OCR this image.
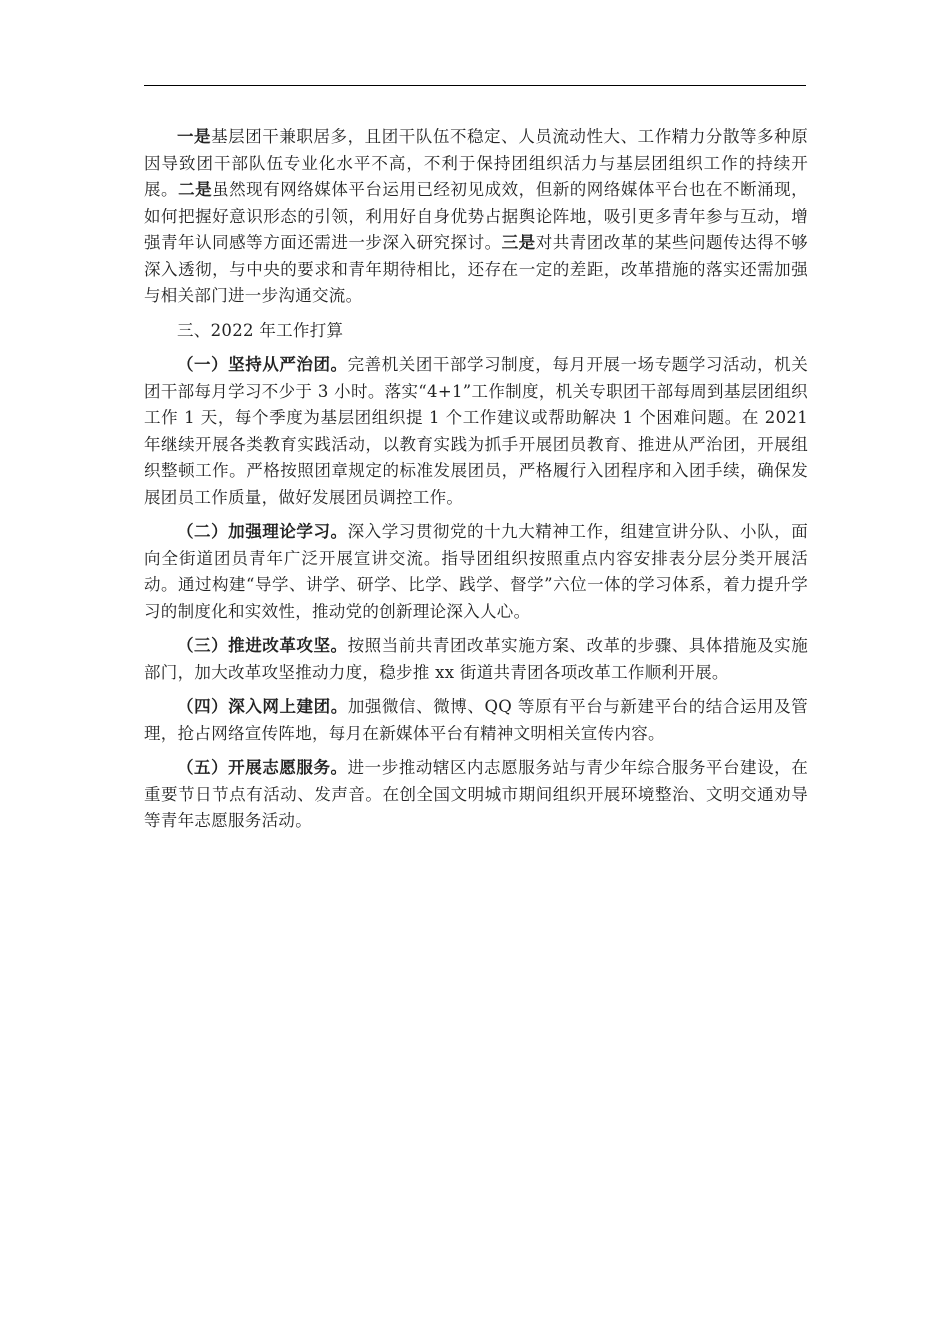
一是基层团干兼职居多，且团干队伍不稳定、人员流动性大、工作精力分散等多种原因导致团干部队伍专业化水平不高，不利于保持团组织活力与基层团组织工作的持续开展。二是虽然现有网络媒体平台运用已经初见成效，但新的网络媒体平台也在不断涌现，如何把握好意识形态的引领，利用好自身优势占据舆论阵地，吸引更多青年参与互动，增强青年认同感等方面还需进一步深入研究探讨。三是对共青团改革的某些问题传达得不够深入透彻，与中央的要求和青年期待相比，还存在一定的差距，改革措施的落实还需加强与相关部门进一步沟通交流。

三、2022 年工作打算

（一）坚持从严治团。完善机关团干部学习制度，每月开展一场专题学习活动，机关团干部每月学习不少于 3 小时。落实“4+1”工作制度，机关专职团干部每周到基层团组织工作 1 天，每个季度为基层团组织提 1 个工作建议或帮助解决 1 个困难问题。在 2021 年继续开展各类教育实践活动，以教育实践为抓手开展团员教育、推进从严治团，开展组织整顿工作。严格按照团章规定的标准发展团员，严格履行入团程序和入团手续，确保发展团员工作质量，做好发展团员调控工作。

（二）加强理论学习。深入学习贯彻党的十九大精神工作，组建宣讲分队、小队，面向全街道团员青年广泛开展宣讲交流。指导团组织按照重点内容安排表分层分类开展活动。通过构建“导学、讲学、研学、比学、践学、督学”六位一体的学习体系，着力提升学习的制度化和实效性，推动党的创新理论深入人心。

（三）推进改革攻坚。按照当前共青团改革实施方案、改革的步骤、具体措施及实施部门，加大改革攻坚推动力度，稳步推 xx 街道共青团各项改革工作顺利开展。

（四）深入网上建团。加强微信、微博、QQ 等原有平台与新建平台的结合运用及管理，抢占网络宣传阵地，每月在新媒体平台有精神文明相关宣传内容。

（五）开展志愿服务。进一步推动辖区内志愿服务站与青少年综合服务平台建设，在重要节日节点有活动、发声音。在创全国文明城市期间组织开展环境整治、文明交通劝导等青年志愿服务活动。
